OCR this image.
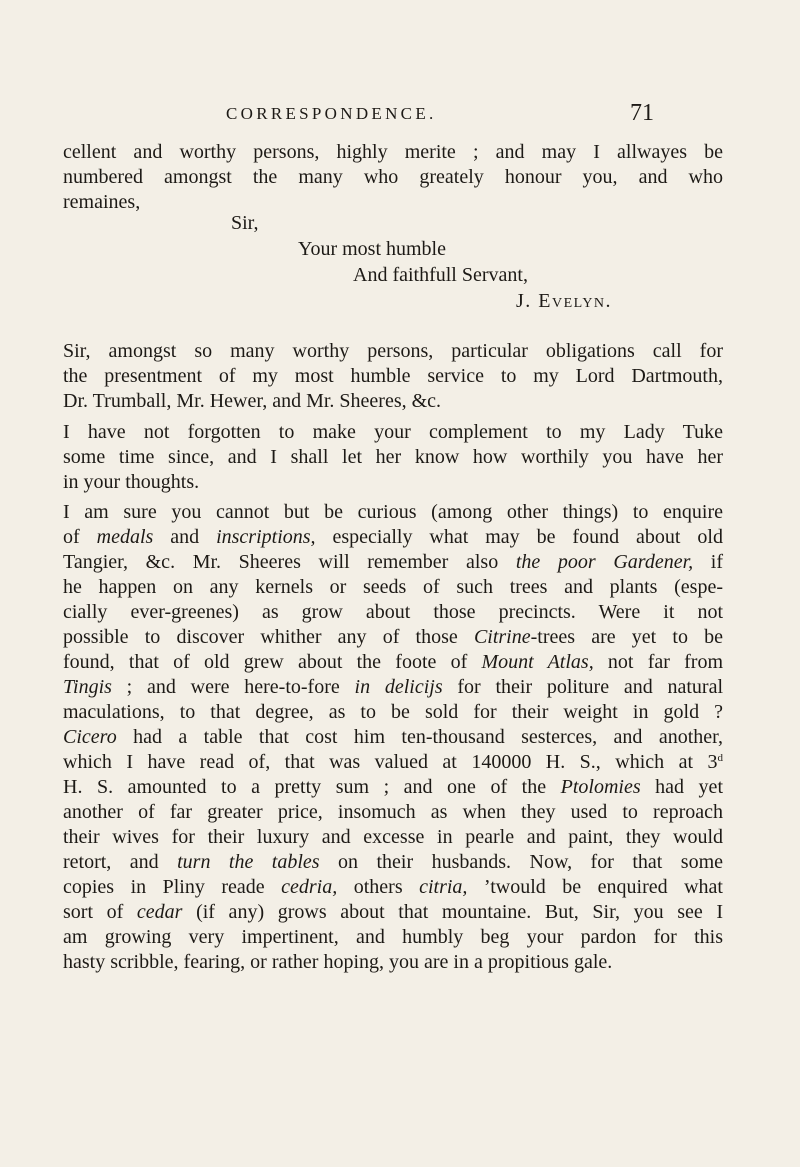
CORRESPONDENCE.	71
cellent and worthy persons, highly merite ; and may I allwayes be
numbered amongst the many who greately honour you, and who
remaines,
Sir,
Your most humble
And faithfull Servant,
J. Evelyn.
Sir, amongst so many worthy persons, particular obligations call for
the presentment of my most humble service to my Lord Dartmouth,
Dr. Trumball, Mr. Hewer, and Mr. Sheeres, &c.
I have not forgotten to make your complement to my Lady Tuke
some time since, and I shall let her know how worthily you have her
in your thoughts.
I am sure you cannot but be curious (among other things) to enquire
of medals and inscriptions, especially what may be found about old
Tangier, &c. Mr. Sheeres will remember also the poor Gardener, if
he happen on any kernels or seeds of such trees and plants (espe-
cially ever-greenes) as grow about those precincts. Were it not
possible to discover whither any of those Citrine-trees are yet to be
found, that of old grew about the foote of Mount Atlas, not far from
Tingis ; and were here-to-fore in delicijs for their politure and natural
maculations, to that degree, as to be sold for their weight in gold ?
Cicero had a table that cost him ten-thousand sesterces, and another,
which I have read of, that was valued at 140000 H. S., which at 3$^d$
H. S. amounted to a pretty sum ; and one of the Ptolomies had yet
another of far greater price, insomuch as when they used to reproach
their wives for their luxury and excesse in pearle and paint, they would
retort, and turn the tables on their husbands. Now, for that some
copies in Pliny reade cedria, others citria, ’twould be enquired what
sort of cedar (if any) grows about that mountaine. But, Sir, you see I
am growing very impertinent, and humbly beg your pardon for this
hasty scribble, fearing, or rather hoping, you are in a propitious gale.
